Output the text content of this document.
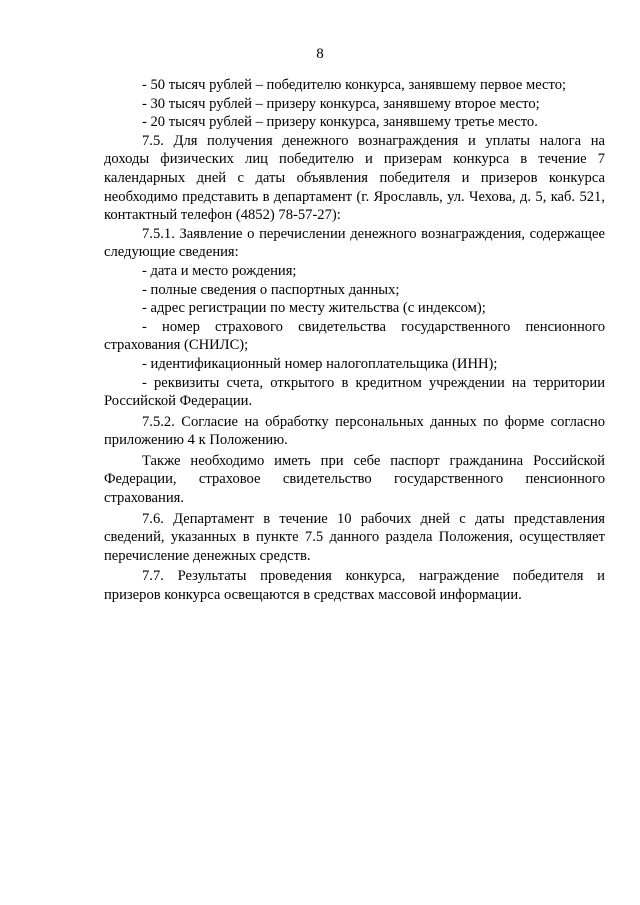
8

- 50 тысяч рублей – победителю конкурса, занявшему первое место;

- 30 тысяч рублей – призеру конкурса, занявшему второе место;

- 20 тысяч рублей – призеру конкурса, занявшему третье место.

7.5. Для получения денежного вознаграждения и уплаты налога на доходы физических лиц победителю и призерам конкурса в течение 7 календарных дней с даты объявления победителя и призеров конкурса необходимо представить в департамент (г. Ярославль, ул. Чехова, д. 5, каб. 521, контактный телефон (4852) 78-57-27):

7.5.1. Заявление о перечислении денежного вознаграждения, содержащее следующие сведения:

- дата и место рождения;

- полные сведения о паспортных данных;

- адрес регистрации по месту жительства (с индексом);

- номер страхового свидетельства государственного пенсионного страхования (СНИЛС);

- идентификационный номер налогоплательщика (ИНН);

- реквизиты счета, открытого в кредитном учреждении на территории Российской Федерации.

7.5.2. Согласие на обработку персональных данных по форме согласно приложению 4 к Положению.

Также необходимо иметь при себе паспорт гражданина Российской Федерации, страховое свидетельство государственного пенсионного страхования.

7.6. Департамент в течение 10 рабочих дней с даты представления сведений, указанных в пункте 7.5 данного раздела Положения, осуществляет перечисление денежных средств.

7.7. Результаты проведения конкурса, награждение победителя и призеров конкурса освещаются в средствах массовой информации.
